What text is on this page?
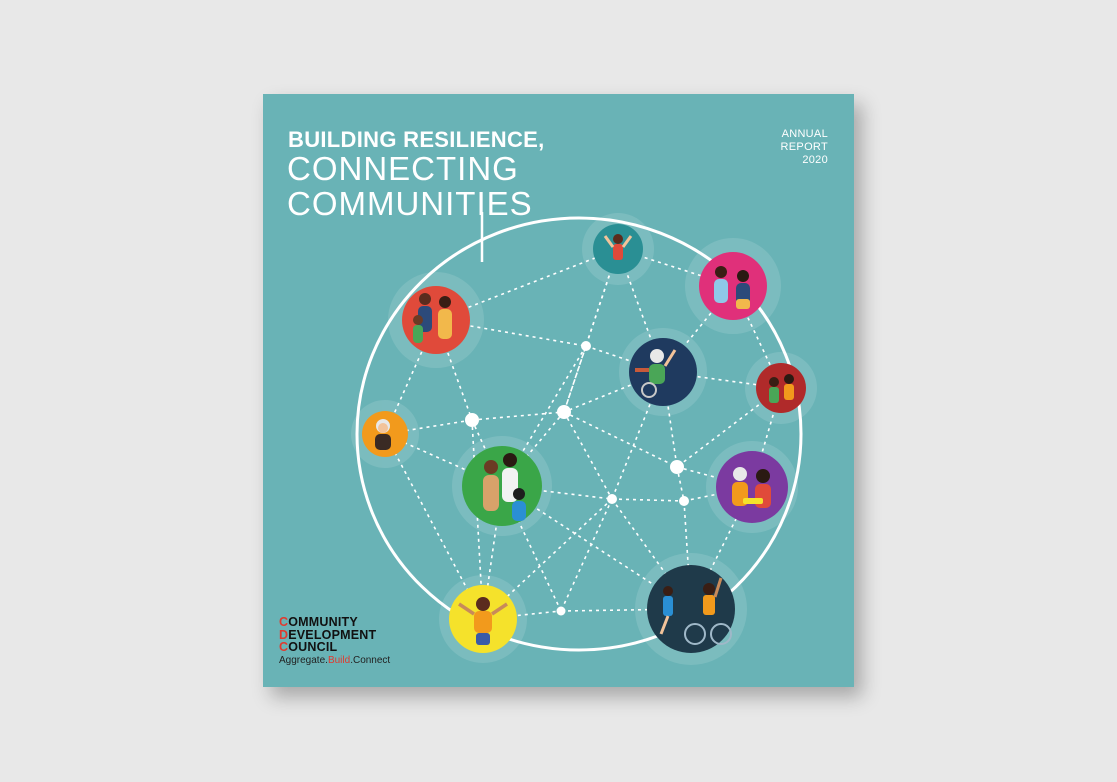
BUILDING RESILIENCE,
CONNECTING
COMMUNITIES
ANNUAL
REPORT
2020
COMMUNITY
DEVELOPMENT
COUNCIL
Aggregate.Build.Connect
